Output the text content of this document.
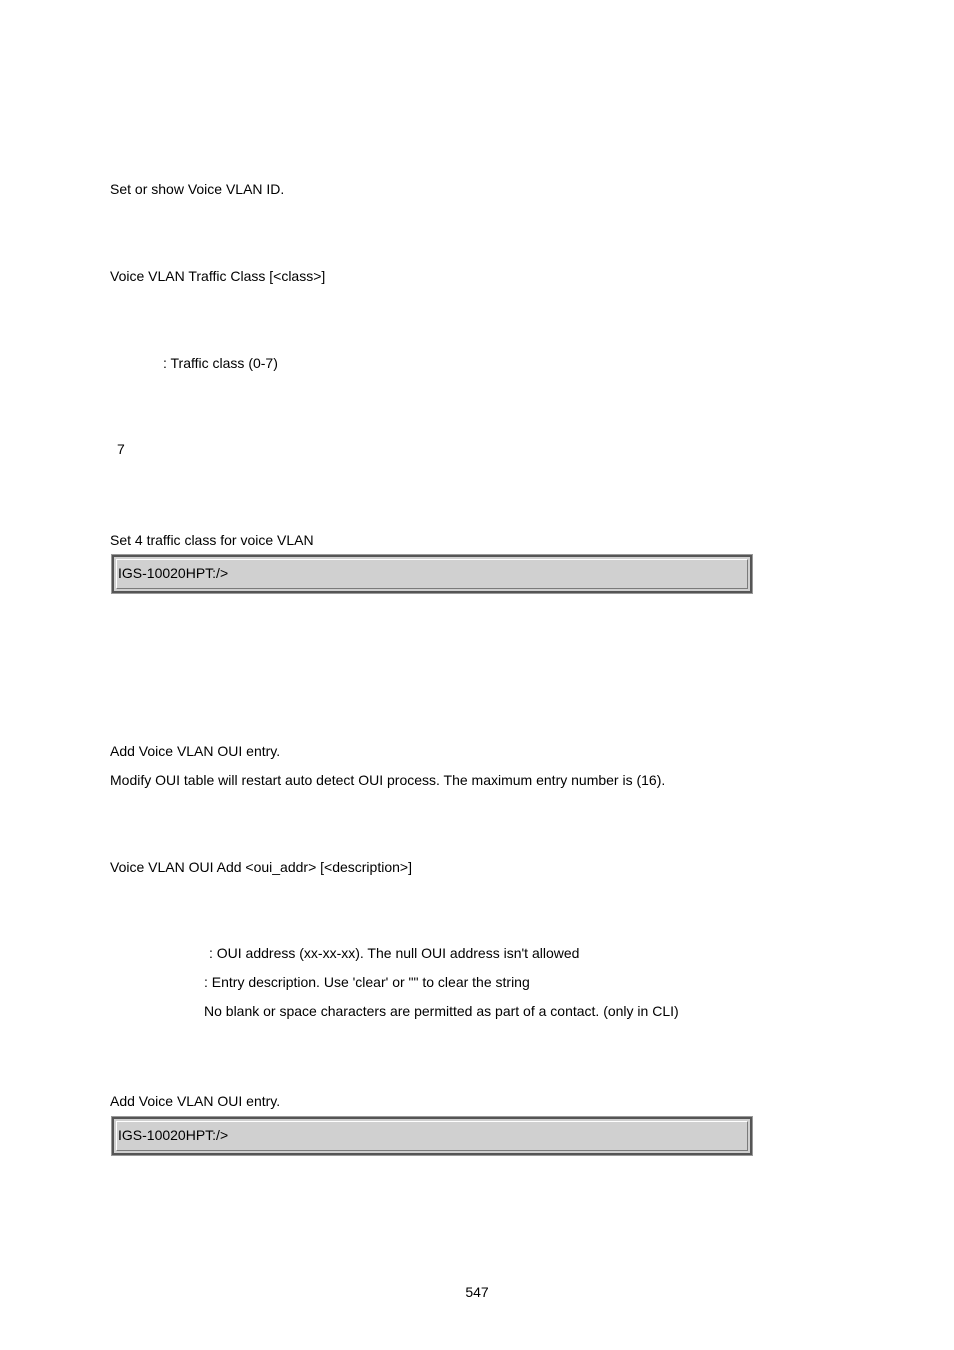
Set or show Voice VLAN ID.
Voice VLAN Traffic Class [<class>]
: Traffic class (0-7)
7
Set 4 traffic class for voice VLAN
IGS-10020HPT:/>
Add Voice VLAN OUI entry.
Modify OUI table will restart auto detect OUI process. The maximum entry number is (16).
Voice VLAN OUI Add <oui_addr> [<description>]
: OUI address (xx-xx-xx). The null OUI address isn't allowed
: Entry description. Use 'clear' or "" to clear the string
No blank or space characters are permitted as part of a contact. (only in CLI)
Add Voice VLAN OUI entry.
IGS-10020HPT:/>
547
